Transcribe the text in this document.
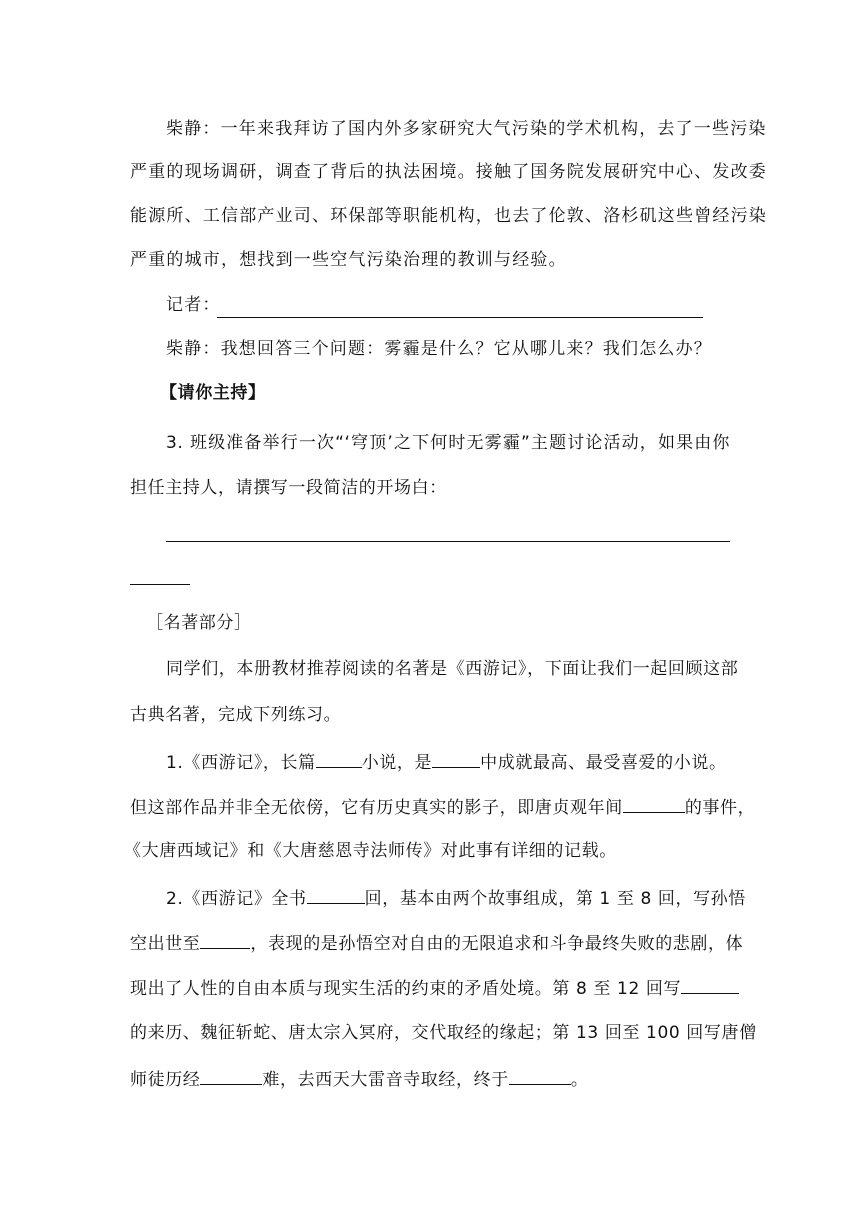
柴静：一年来我拜访了国内外多家研究大气污染的学术机构，去了一些污染
严重的现场调研，调查了背后的执法困境。接触了国务院发展研究中心、发改委
能源所、工信部产业司、环保部等职能机构，也去了伦敦、洛杉矶这些曾经污染
严重的城市，想找到一些空气污染治理的教训与经验。
记者：
柴静：我想回答三个问题：雾霾是什么？它从哪儿来？我们怎么办？
【请你主持】
3. 班级准备举行一次“‘穹顶’之下何时无雾霾”主题讨论活动，如果由你
担任主持人，请撰写一段简洁的开场白：
［名著部分］
同学们，本册教材推荐阅读的名著是《西游记》，下面让我们一起回顾这部
古典名著，完成下列练习。
1.《西游记》，长篇	小说，是	中成就最高、最受喜爱的小说。
但这部作品并非全无依傍，它有历史真实的影子，即唐贞观年间	的事件，
《大唐西域记》和《大唐慈恩寺法师传》对此事有详细的记载。
2.《西游记》全书	回，基本由两个故事组成，第 1 至 8 回，写孙悟
空出世至	，表现的是孙悟空对自由的无限追求和斗争最终失败的悲剧，体
现出了人性的自由本质与现实生活的约束的矛盾处境。第 8 至 12 回写
的来历、魏征斩蛇、唐太宗入冥府，交代取经的缘起；第 13 回至 100 回写唐僧
师徒历经	难，去西天大雷音寺取经，终于	。
